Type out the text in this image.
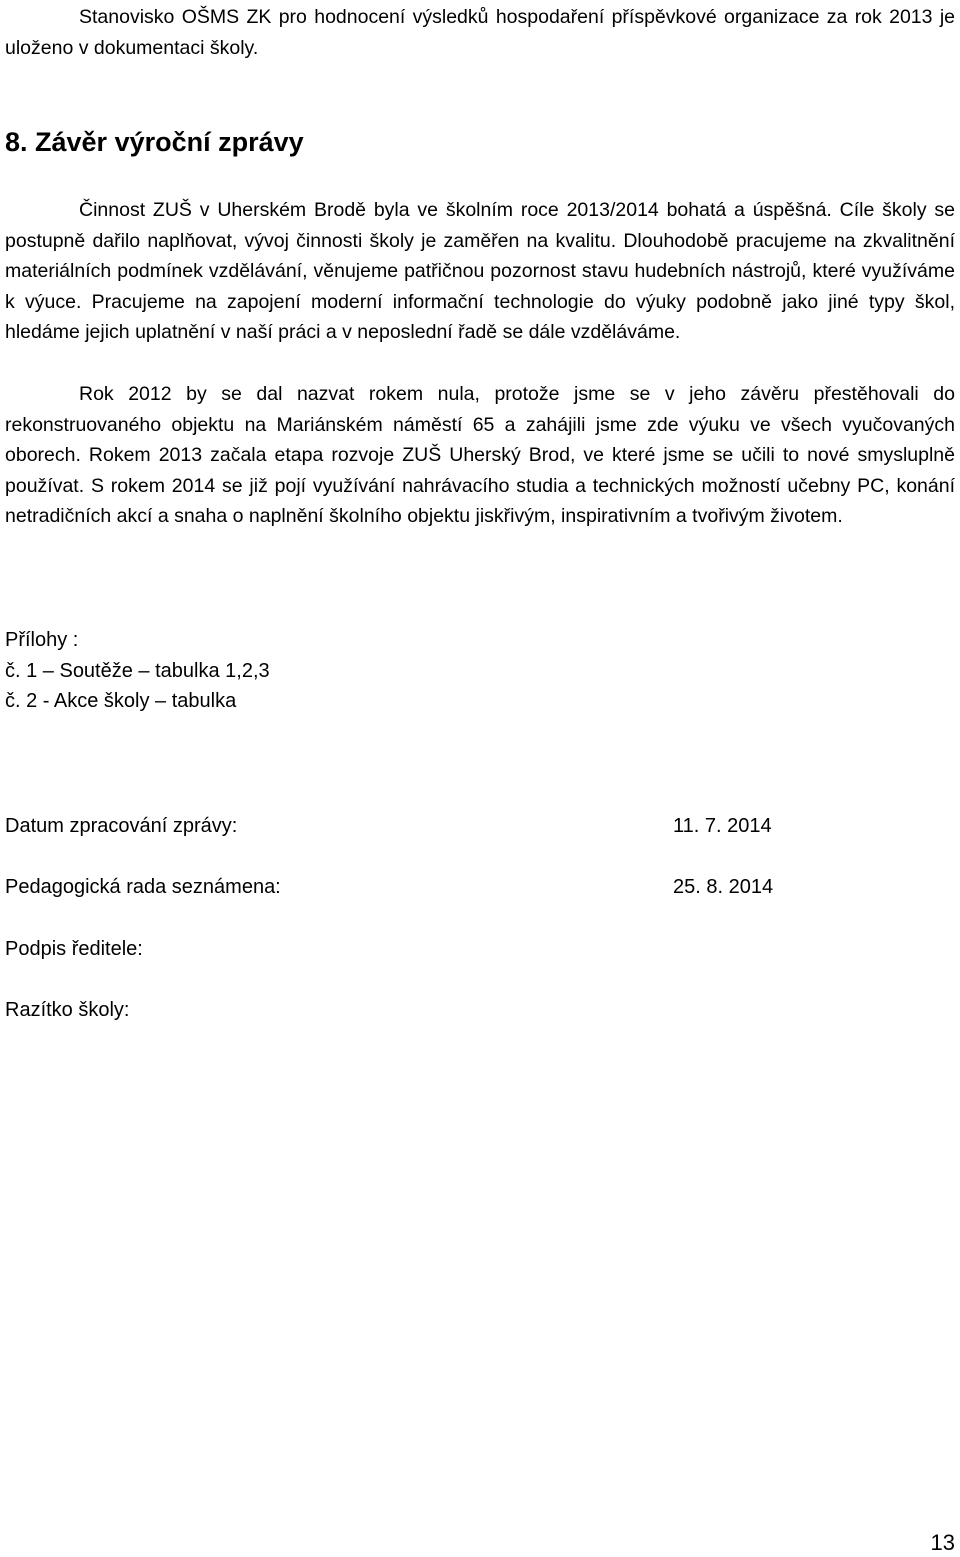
Stanovisko OŠMS ZK pro hodnocení výsledků hospodaření příspěvkové organizace za rok 2013 je uloženo v dokumentaci školy.

8. Závěr výroční zprávy

Činnost ZUŠ v Uherském Brodě byla ve školním roce 2013/2014 bohatá a úspěšná. Cíle školy se postupně dařilo naplňovat, vývoj činnosti školy je zaměřen na kvalitu. Dlouhodobě pracujeme na zkvalitnění materiálních podmínek vzdělávání, věnujeme patřičnou pozornost stavu hudebních nástrojů, které využíváme k výuce. Pracujeme na zapojení moderní informační technologie do výuky podobně jako jiné typy škol, hledáme jejich uplatnění v naší práci a v neposlední řadě se dále vzděláváme.

Rok 2012 by se dal nazvat rokem nula, protože jsme se v jeho závěru přestěhovali do rekonstruovaného objektu na Mariánském náměstí 65 a zahájili jsme zde výuku ve všech vyučovaných oborech. Rokem 2013 začala etapa rozvoje ZUŠ Uherský Brod, ve které jsme se učili to nové smysluplně používat. S rokem 2014 se již pojí využívání nahrávacího studia a technických možností učebny PC, konání netradičních akcí a snaha o naplnění školního objektu jiskřivým, inspirativním a tvořivým životem.

Přílohy :

č. 1 – Soutěže – tabulka 1,2,3

č. 2 - Akce školy – tabulka

Datum zpracování zprávy:	11. 7. 2014

Pedagogická rada seznámena:	25. 8. 2014

Podpis ředitele:

Razítko školy:

13
